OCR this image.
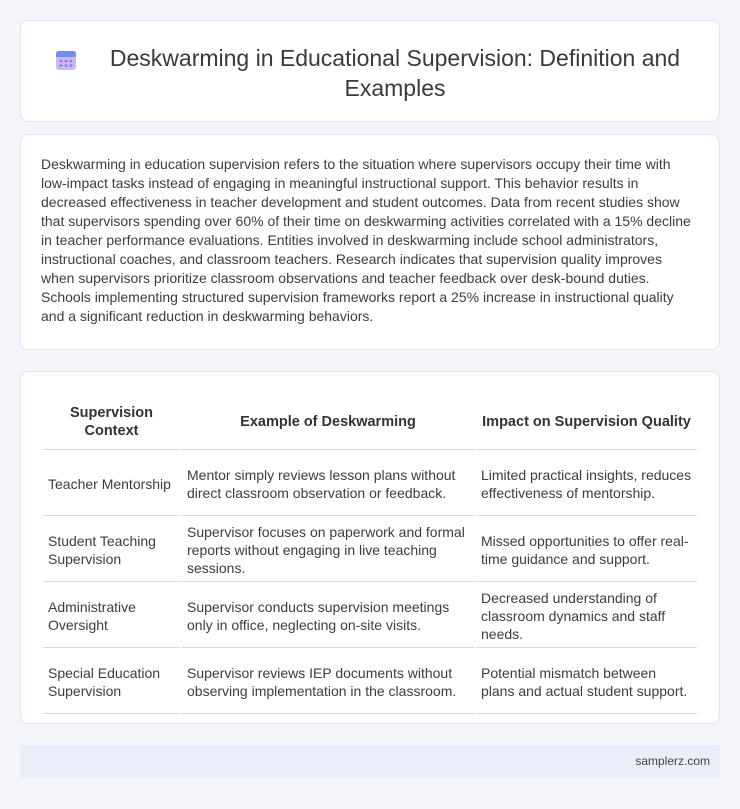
Deskwarming in Educational Supervision: Definition and Examples

Deskwarming in education supervision refers to the situation where supervisors occupy their time with low-impact tasks instead of engaging in meaningful instructional support. This behavior results in decreased effectiveness in teacher development and student outcomes. Data from recent studies show that supervisors spending over 60% of their time on deskwarming activities correlated with a 15% decline in teacher performance evaluations. Entities involved in deskwarming include school administrators, instructional coaches, and classroom teachers. Research indicates that supervision quality improves when supervisors prioritize classroom observations and teacher feedback over desk-bound duties. Schools implementing structured supervision frameworks report a 25% increase in instructional quality and a significant reduction in deskwarming behaviors.

Supervision Context	Example of Deskwarming	Impact on Supervision Quality
Teacher Mentorship	Mentor simply reviews lesson plans without direct classroom observation or feedback.	Limited practical insights, reduces effectiveness of mentorship.
Student Teaching Supervision	Supervisor focuses on paperwork and formal reports without engaging in live teaching sessions.	Missed opportunities to offer real-time guidance and support.
Administrative Oversight	Supervisor conducts supervision meetings only in office, neglecting on-site visits.	Decreased understanding of classroom dynamics and staff needs.
Special Education Supervision	Supervisor reviews IEP documents without observing implementation in the classroom.	Potential mismatch between plans and actual student support.
samplerz.com
